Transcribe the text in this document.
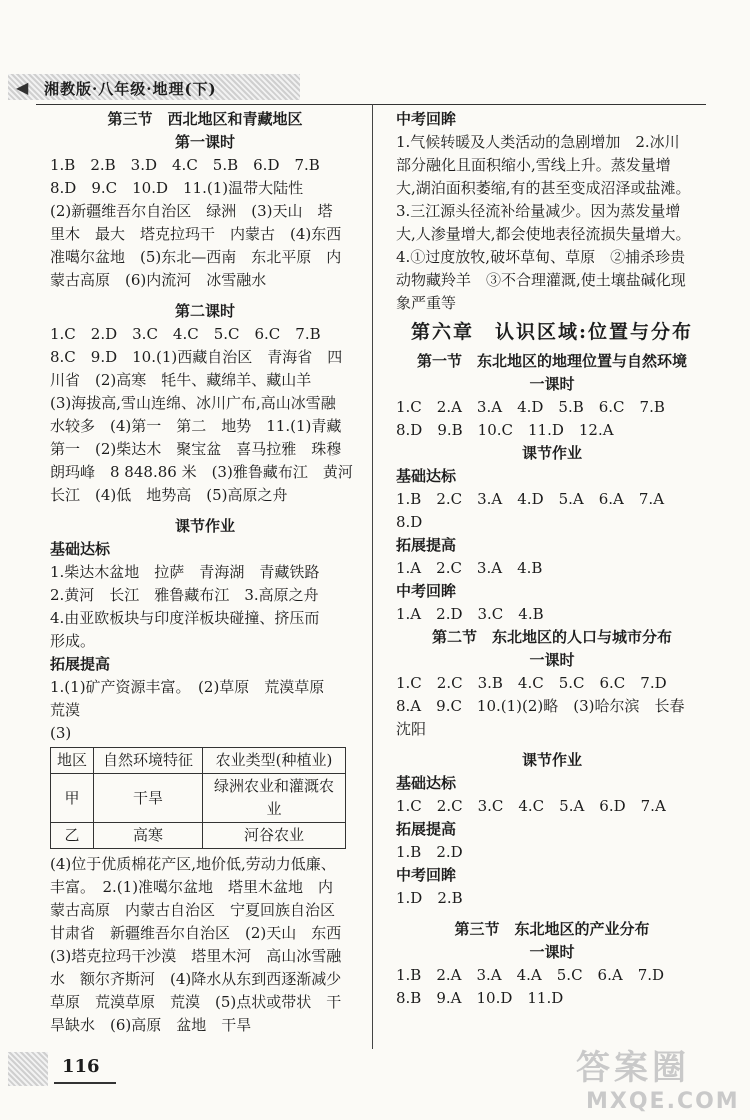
◀ 湘教版·八年级·地理(下)
第三节　西北地区和青藏地区
第一课时
1.B　2.B　3.D　4.C　5.B　6.D　7.B
8.D　9.C　10.D　11.(1)温带大陆性
(2)新疆维吾尔自治区　绿洲　(3)天山　塔
里木　最大　塔克拉玛干　内蒙古　(4)东西
准噶尔盆地　(5)东北—西南　东北平原　内
蒙古高原　(6)内流河　冰雪融水
第二课时
1.C　2.D　3.C　4.C　5.C　6.C　7.B
8.C　9.D　10.(1)西藏自治区　青海省　四
川省　(2)高寒　牦牛、藏绵羊、藏山羊
(3)海拔高,雪山连绵、冰川广布,高山冰雪融
水较多　(4)第一　第二　地势　11.(1)青藏
第一　(2)柴达木　聚宝盆　喜马拉雅　珠穆
朗玛峰　8 848.86 米　(3)雅鲁藏布江　黄河
长江　(4)低　地势高　(5)高原之舟
课节作业
基础达标
1.柴达木盆地　拉萨　青海湖　青藏铁路
2.黄河　长江　雅鲁藏布江　3.高原之舟
4.由亚欧板块与印度洋板块碰撞、挤压而
形成。
拓展提高
1.(1)矿产资源丰富。　(2)草原　荒漠草原
荒漠
(3)
地区	自然环境特征	农业类型(种植业)
甲	干旱	绿洲农业和灌溉农业
乙	高寒	河谷农业
(4)位于优质棉花产区,地价低,劳动力低廉、
丰富。　2.(1)准噶尔盆地　塔里木盆地　内
蒙古高原　内蒙古自治区　宁夏回族自治区
甘肃省　新疆维吾尔自治区　(2)天山　东西
(3)塔克拉玛干沙漠　塔里木河　高山冰雪融
水　额尔齐斯河　(4)降水从东到西逐渐减少
草原　荒漠草原　荒漠　(5)点状或带状　干
旱缺水　(6)高原　盆地　干旱
中考回眸
1.气候转暖及人类活动的急剧增加　2.冰川
部分融化且面积缩小,雪线上升。蒸发量增
大,湖泊面积萎缩,有的甚至变成沼泽或盐滩。
3.三江源头径流补给量减少。因为蒸发量增
大,人渗量增大,都会使地表径流损失量增大。
4.①过度放牧,破坏草甸、草原　②捕杀珍贵
动物藏羚羊　③不合理灌溉,使土壤盐碱化现
象严重等
第六章　认识区域:位置与分布
第一节　东北地区的地理位置与自然环境
一课时
1.C　2.A　3.A　4.D　5.B　6.C　7.B
8.D　9.B　10.C　11.D　12.A
课节作业
基础达标
1.B　2.C　3.A　4.D　5.A　6.A　7.A
8.D
拓展提高
1.A　2.C　3.A　4.B
中考回眸
1.A　2.D　3.C　4.B
第二节　东北地区的人口与城市分布
一课时
1.C　2.C　3.B　4.C　5.C　6.C　7.D
8.A　9.C　10.(1)(2)略　(3)哈尔滨　长春
沈阳
课节作业
基础达标
1.C　2.C　3.C　4.C　5.A　6.D　7.A
拓展提高
1.B　2.D
中考回眸
1.D　2.B
第三节　东北地区的产业分布
一课时
1.B　2.A　3.A　4.A　5.C　6.A　7.D
8.B　9.A　10.D　11.D
116	答案圈
MXQE.COM
